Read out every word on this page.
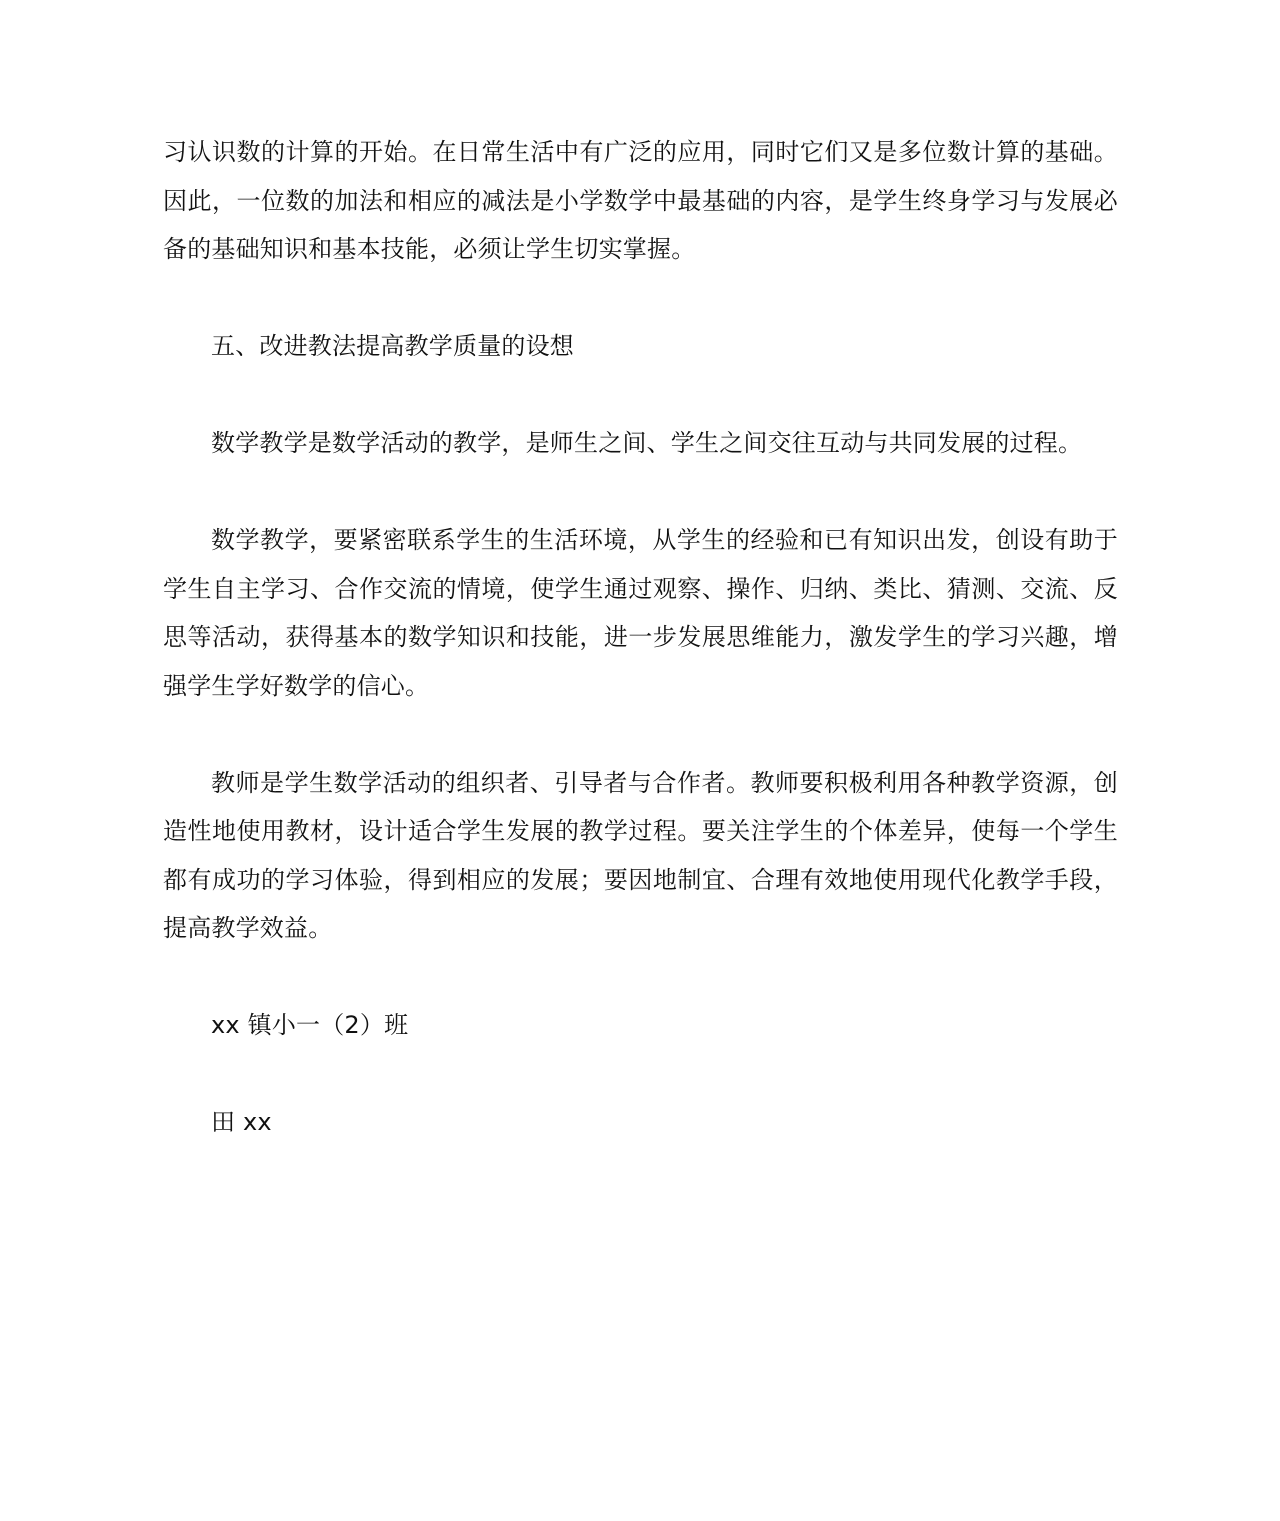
习认识数的计算的开始。在日常生活中有广泛的应用，同时它们又是多位数计算的基础。
因此，一位数的加法和相应的减法是小学数学中最基础的内容，是学生终身学习与发展必
备的基础知识和基本技能，必须让学生切实掌握。

五、改进教法提高教学质量的设想

数学教学是数学活动的教学，是师生之间、学生之间交往互动与共同发展的过程。

数学教学，要紧密联系学生的生活环境，从学生的经验和已有知识出发，创设有助于
学生自主学习、合作交流的情境，使学生通过观察、操作、归纳、类比、猜测、交流、反
思等活动，获得基本的数学知识和技能，进一步发展思维能力，激发学生的学习兴趣，增
强学生学好数学的信心。

教师是学生数学活动的组织者、引导者与合作者。教师要积极利用各种教学资源，创
造性地使用教材，设计适合学生发展的教学过程。要关注学生的个体差异，使每一个学生
都有成功的学习体验，得到相应的发展；要因地制宜、合理有效地使用现代化教学手段，
提高教学效益。

xx 镇小一（2）班

田 xx
